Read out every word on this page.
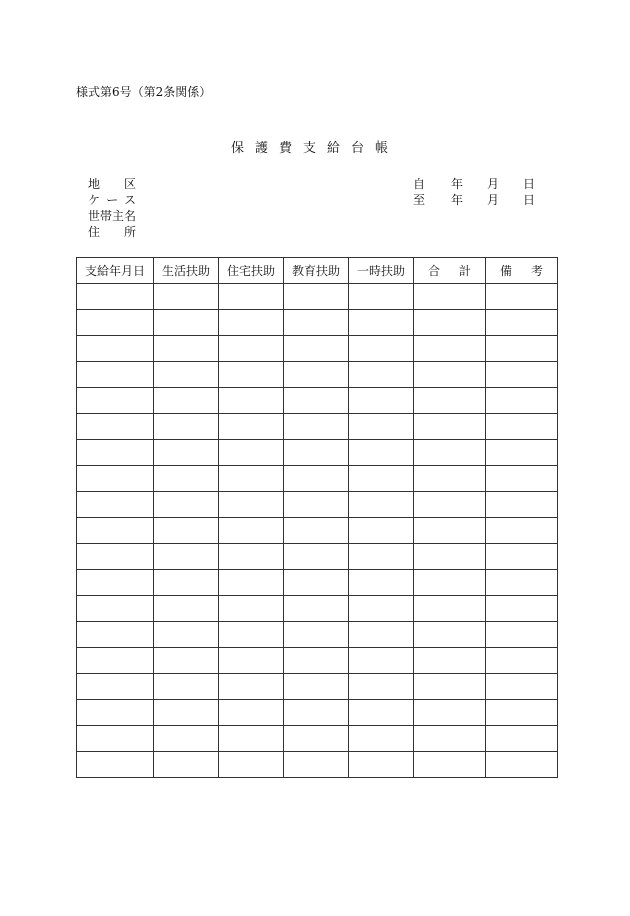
様式第6号（第2条関係）
保護費支給台帳
地　区
ケース
世帯主名
住　所
自 年 月 日
至 年 月 日
支給年月日	生活扶助	住宅扶助	教育扶助	一時扶助	合計	備考
